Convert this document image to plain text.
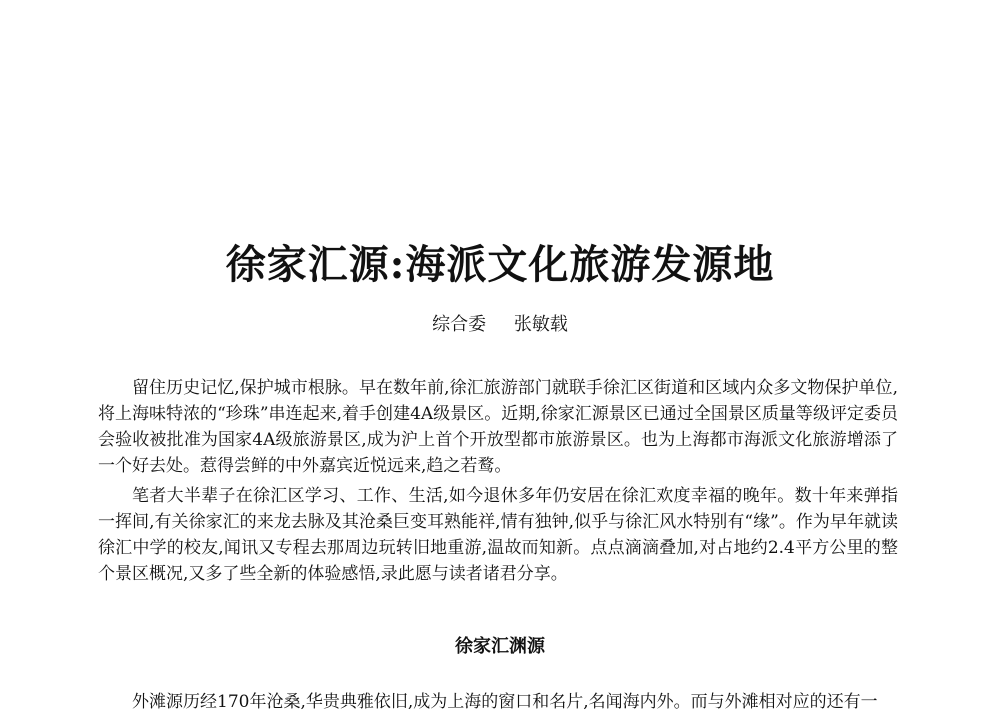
徐家汇源:海派文化旅游发源地
综合委 张敏载

留住历史记忆,保护城市根脉。早在数年前,徐汇旅游部门就联手徐汇区街道和区域内众多文物保护单位,将上海味特浓的“珍珠”串连起来,着手创建4A级景区。近期,徐家汇源景区已通过全国景区质量等级评定委员会验收被批准为国家4A级旅游景区,成为沪上首个开放型都市旅游景区。也为上海都市海派文化旅游增添了一个好去处。惹得尝鲜的中外嘉宾近悦远来,趋之若鹜。

笔者大半辈子在徐汇区学习、工作、生活,如今退休多年仍安居在徐汇欢度幸福的晚年。数十年来弹指一挥间,有关徐家汇的来龙去脉及其沧桑巨变耳熟能祥,情有独钟,似乎与徐汇风水特别有“缘”。作为早年就读徐汇中学的校友,闻讯又专程去那周边玩转旧地重游,温故而知新。点点滴滴叠加,对占地约2.4平方公里的整个景区概况,又多了些全新的体验感悟,录此愿与读者诸君分享。

徐家汇渊源

外滩源历经170年沧桑,华贵典雅依旧,成为上海的窗口和名片,名闻海内外。而与外滩相对应的还有一
